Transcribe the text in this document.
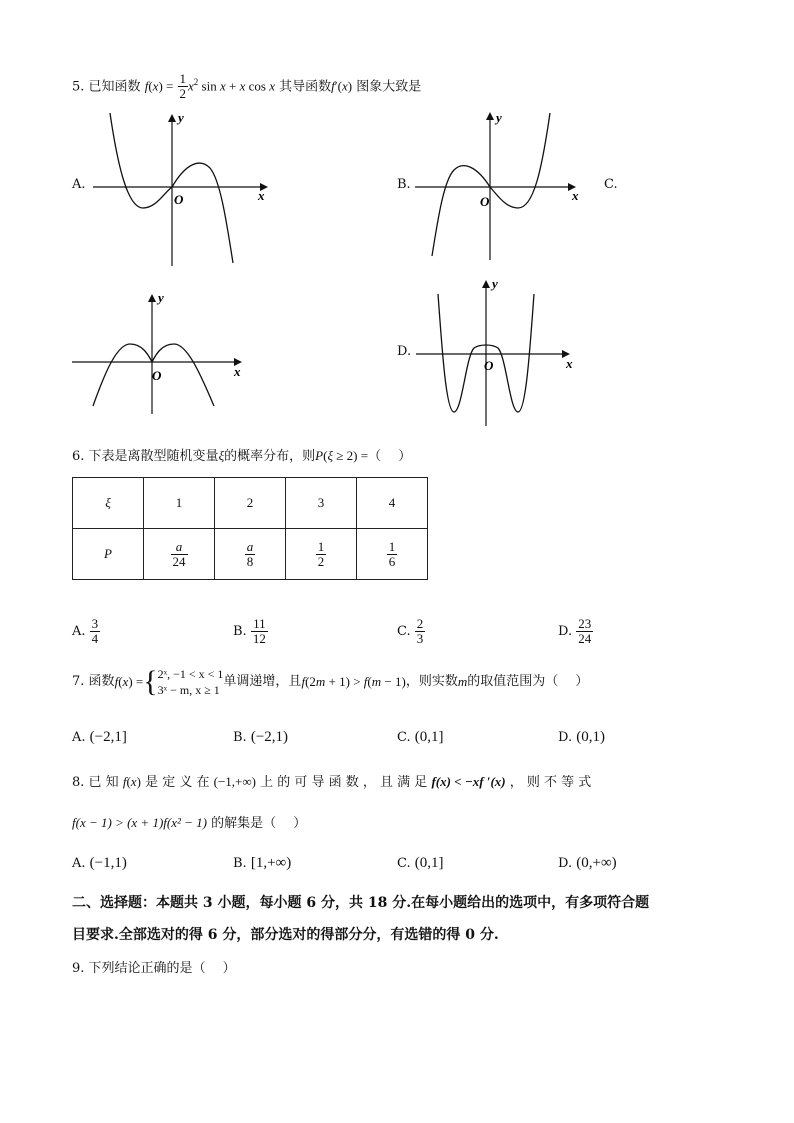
5. 已知函数 $f(x) = \frac{1}{2} x^2$ sin x + x cos x 其导函数f′(x) 图象大致是
A.
x
y
O
B.
x
y
O
C.
x
y
O
D.
x
y
O
6. 下表是离散型随机变量ξ的概率分布，则P(ξ ≥ 2) =（　 ）
ξ	1	2	3	4
P	$\frac{a}{24}$	$\frac{a}{8}$	$\frac{1}{2}$	$\frac{1}{6}$
A. $\frac{3}{4}$	B. $\frac{11}{12}$	C. $\frac{2}{3}$	D. $\frac{23}{24}$
7. 函数f(x) ={ 2ˣ, −1 < x < 1
3ˣ − m, x ≥ 1
单调递增，且f(2m + 1) > f(m − 1)，则实数m的取值范围为（　 ）
A. (−2,1]	B. (−2,1)	C. (0,1]	D. (0,1)
8. 已 知 f(x) 是 定 义 在 (−1,+∞) 上 的 可 导 函 数 ， 且 满 足 f(x) < −xf ′(x) ， 则 不 等 式
f(x − 1) > (x + 1)f(x² − 1) 的解集是（　 ）
A. (−1,1)	B. [1,+∞)	C. (0,1]	D. (0,+∞)
二、选择题：本题共 3 小题，每小题 6 分，共 18 分.在每小题给出的选项中，有多项符合题
目要求.全部选对的得 6 分，部分选对的得部分分，有选错的得 0 分.
9. 下列结论正确的是（　 ）
